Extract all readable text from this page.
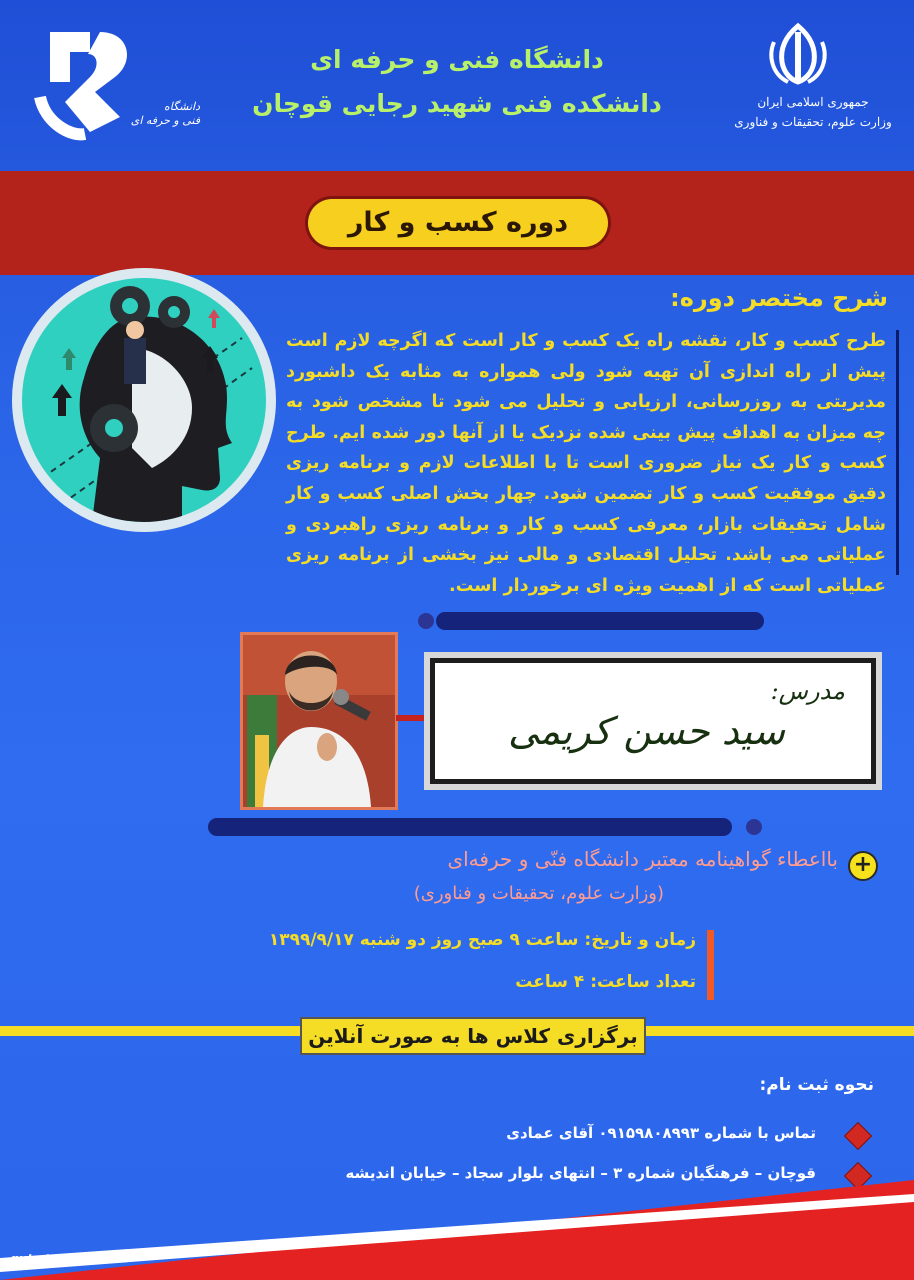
دانشگاه
فنی و حرفه ای
دانشگاه فنی و حرفه ای
دانشکده فنی شهید رجایی قوچان	جمهوری اسلامی ایران
وزارت علوم، تحقیقات و فناوری
دوره کسب و کار
شرح مختصر دوره:
طرح کسب و کار، نقشه راه یک کسب و کار است که اگرچه لازم است پیش از راه اندازی آن تهیه شود ولی همواره به مثابه یک داشبورد مدیریتی به روزرسانی، ارزیابی و تحلیل می شود تا مشخص شود به چه میزان به اهداف پیش بینی شده نزدیک یا از آنها دور شده ایم. طرح کسب و کار یک نیاز ضروری است تا با اطلاعات لازم و برنامه ریزی دقیق موفقیت کسب و کار تضمین شود. چهار بخش اصلی کسب و کار شامل تحقیقات بازار، معرفی کسب و کار و برنامه ریزی راهبردی و عملیاتی می باشد. تحلیل اقتصادی و مالی نیز بخشی از برنامه ریزی عملیاتی است که از اهمیت ویژه ای برخوردار است.
مدرس:
سید حسن کریمی
+
بااعطاء گواهینامه معتبر دانشگاه فنّی و حرفه‌ای
(وزارت علوم، تحقیقات و فناوری)
زمان و تاریخ: ساعت ۹ صبح روز دو شنبه ۱۳۹۹/۹/۱۷
تعداد ساعت: ۴ ساعت
برگزاری کلاس ها به صورت آنلاین
نحوه ثبت نام:
تماس با شماره ۰۹۱۵۹۸۰۸۹۹۳ آقای عمادی
قوچان – فرهنگیان شماره ۳ – انتهای بلوار سجاد – خیابان اندیشه
qutc.tvu.ac.ir
